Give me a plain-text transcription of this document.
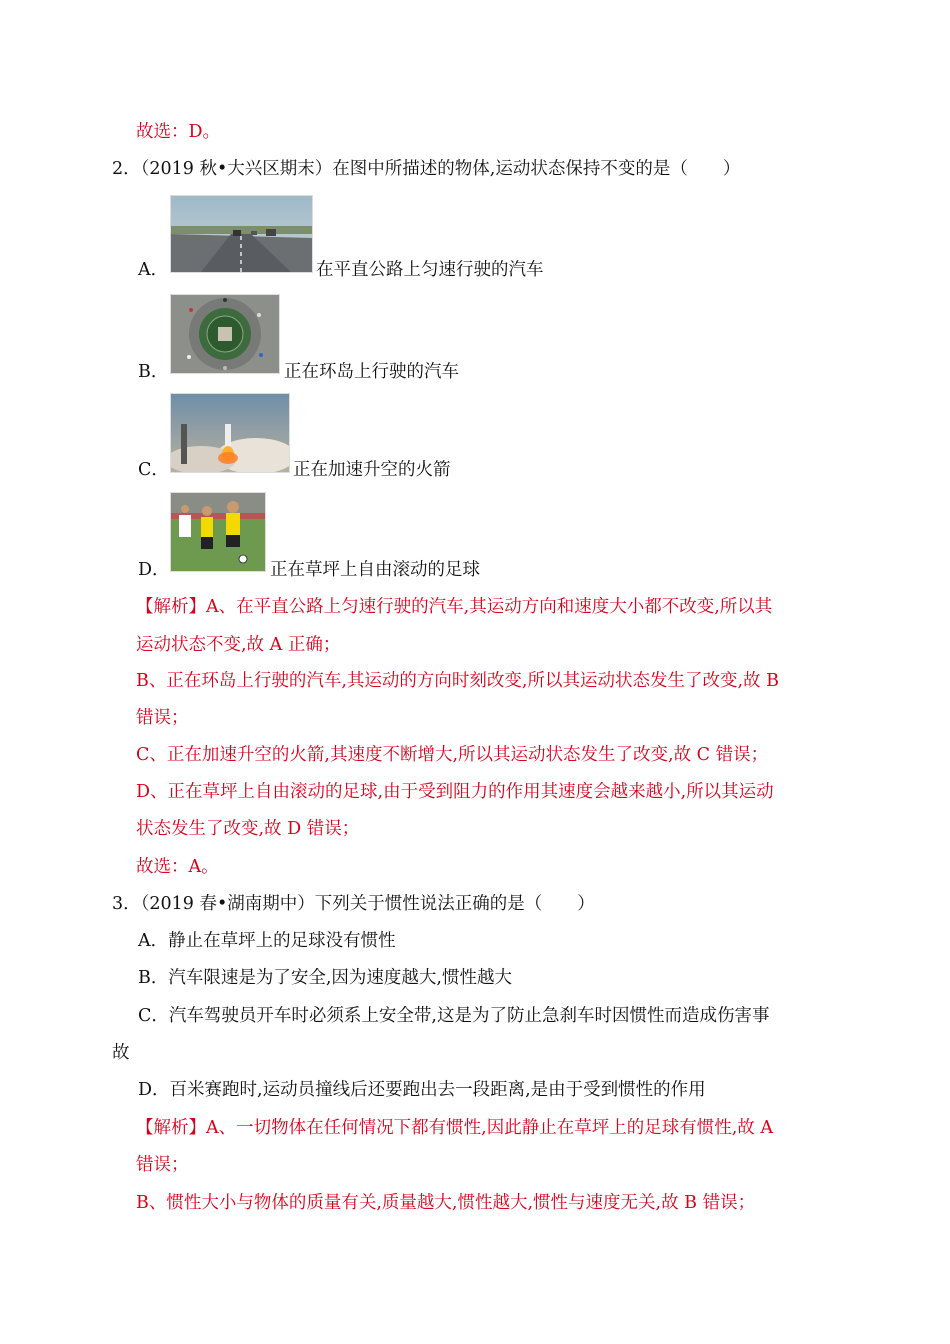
故选：D。
2．（2019 秋•大兴区期末）在图中所描述的物体,运动状态保持不变的是（　　）
A．	在平直公路上匀速行驶的汽车
B．	正在环岛上行驶的汽车
C．	正在加速升空的火箭
D．	正在草坪上自由滚动的足球
【解析】A、在平直公路上匀速行驶的汽车,其运动方向和速度大小都不改变,所以其
运动状态不变,故 A 正确；
B、正在环岛上行驶的汽车,其运动的方向时刻改变,所以其运动状态发生了改变,故 B
错误；
C、正在加速升空的火箭,其速度不断增大,所以其运动状态发生了改变,故 C 错误；
D、正在草坪上自由滚动的足球,由于受到阻力的作用其速度会越来越小,所以其运动
状态发生了改变,故 D 错误；
故选：A。
3．（2019 春•湖南期中）下列关于惯性说法正确的是（　　）
A．静止在草坪上的足球没有惯性
B．汽车限速是为了安全,因为速度越大,惯性越大
C．汽车驾驶员开车时必须系上安全带,这是为了防止急刹车时因惯性而造成伤害事
故
D．百米赛跑时,运动员撞线后还要跑出去一段距离,是由于受到惯性的作用
【解析】A、一切物体在任何情况下都有惯性,因此静止在草坪上的足球有惯性,故 A
错误；
B、惯性大小与物体的质量有关,质量越大,惯性越大,惯性与速度无关,故 B 错误；
